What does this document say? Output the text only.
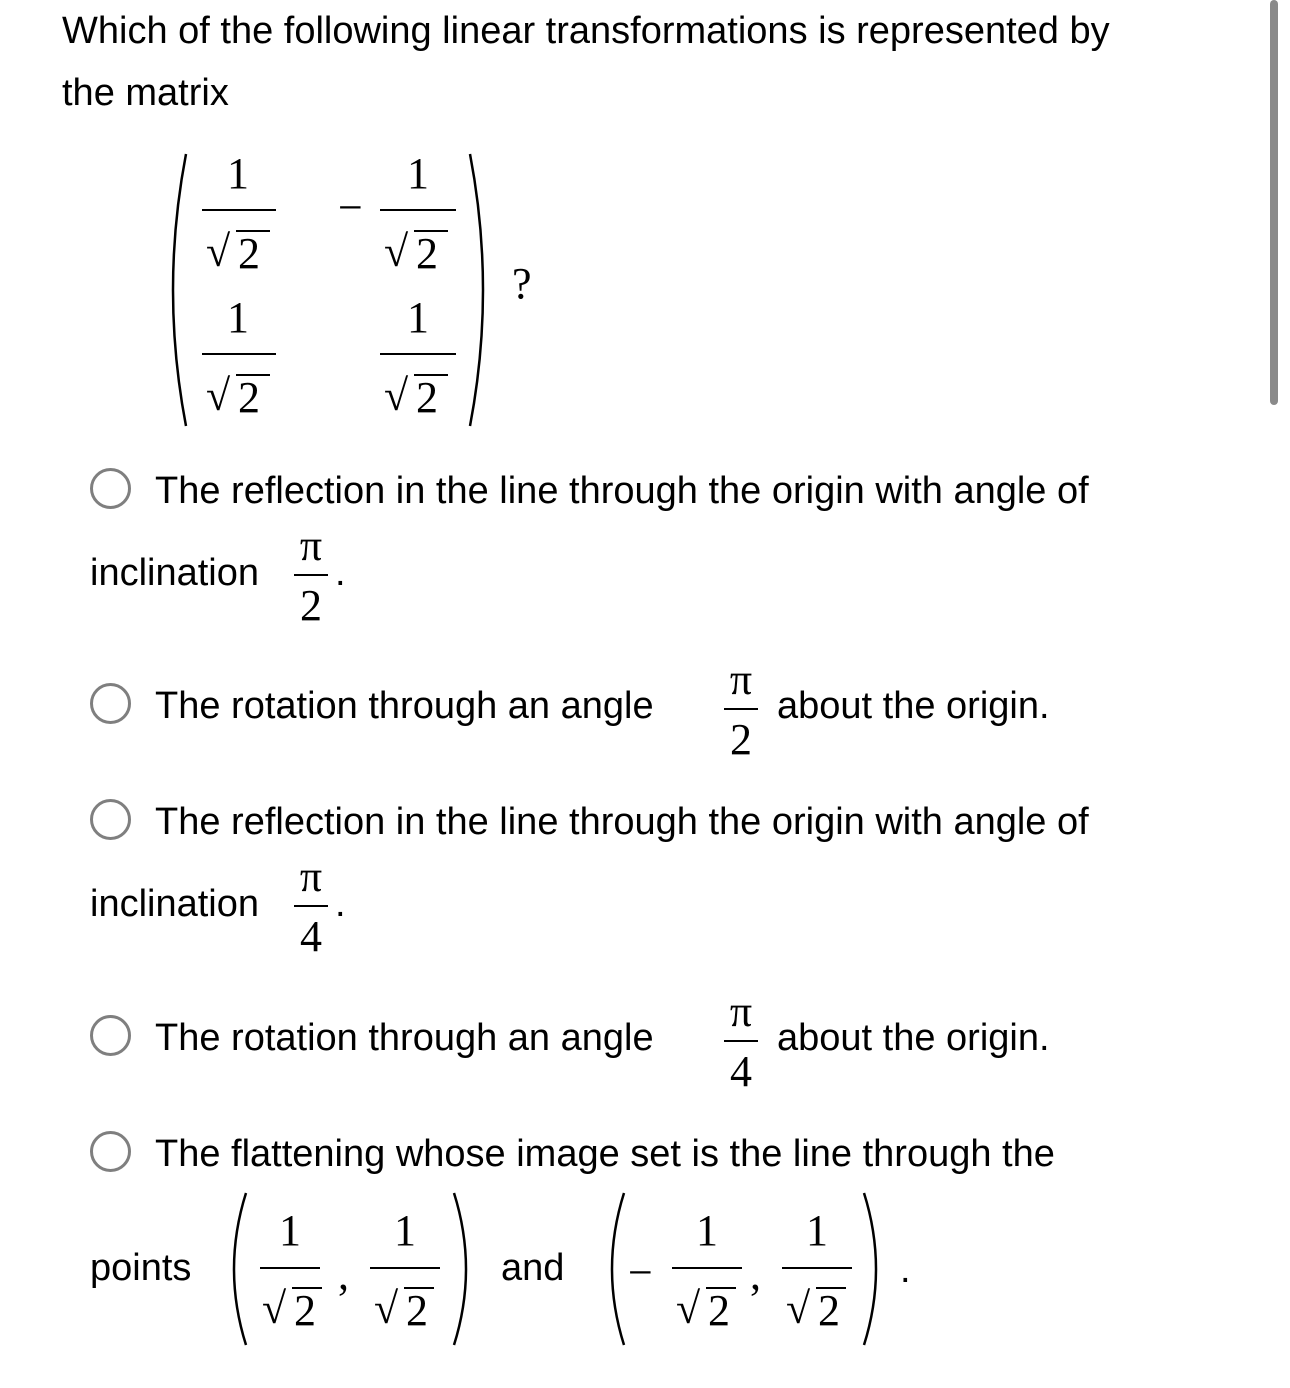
Which of the following linear transformations is represented by
the matrix
1
√ 2
−
1
√ 2
1
√ 2
1
√ 2
?
The reflection in the line through the origin with angle of
inclination
π
2
.
The rotation through an angle
π
2
about the origin.
The reflection in the line through the origin with angle of
inclination
π
4
.
The rotation through an angle
π
4
about the origin.
The flattening whose image set is the line through the
points
1
√ 2
,
1
√ 2
and −
1
√ 2
,
1
√ 2
.
